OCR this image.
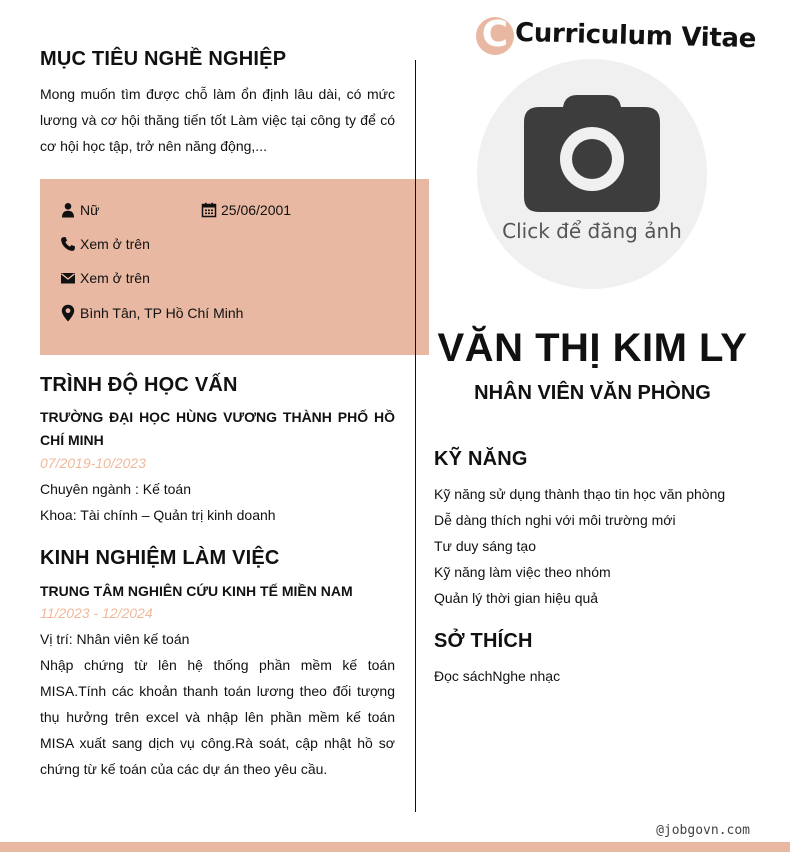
MỤC TIÊU NGHỀ NGHIỆP
Mong muốn tìm được chỗ làm ổn định lâu dài, có mức lương và cơ hội thăng tiến tốt Làm việc tại công ty để có cơ hội học tập, trở nên năng động,...
Nữ	25/06/2001
Xem ở trên
Xem ở trên
Bình Tân, TP Hồ Chí Minh
TRÌNH ĐỘ HỌC VẤN
TRƯỜNG ĐẠI HỌC HÙNG VƯƠNG THÀNH PHỐ HỒ CHÍ MINH
07/2019-10/2023
Chuyên ngành : Kế toán
Khoa: Tài chính – Quản trị kinh doanh
KINH NGHIỆM LÀM VIỆC
TRUNG TÂM NGHIÊN CỨU KINH TẾ MIỀN NAM
11/2023 - 12/2024
Vị trí: Nhân viên kế toán
Nhập chứng từ lên hệ thống phần mềm kế toán MISA.Tính các khoản thanh toán lương theo đối tượng thụ hưởng trên excel và nhập lên phần mềm kế toán MISA xuất sang dịch vụ công.Rà soát, cập nhật hồ sơ chứng từ kế toán của các dự án theo yêu cầu.
C
Curriculum Vitae
Click để đăng ảnh
VĂN THỊ KIM LY
NHÂN VIÊN VĂN PHÒNG
KỸ NĂNG
Kỹ năng sử dụng thành thạo tin học văn phòng
Dễ dàng thích nghi với môi trường mới
Tư duy sáng tạo
Kỹ năng làm việc theo nhóm
Quản lý thời gian hiệu quả
SỞ THÍCH
Đọc sáchNghe nhạc
@jobgovn.com
